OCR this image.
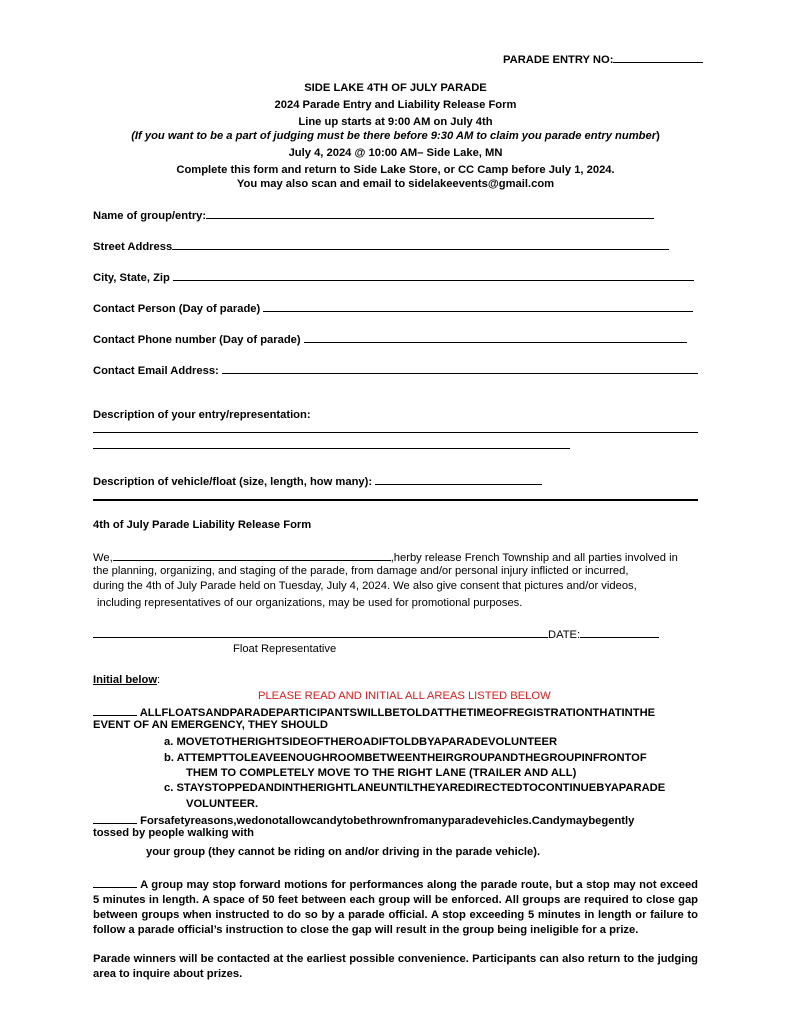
PARADE ENTRY NO:
SIDE LAKE 4TH OF JULY PARADE
2024 Parade Entry and Liability Release Form
Line up starts at 9:00 AM on July 4th
(If you want to be a part of judging must be there before 9:30 AM to claim you parade entry number)
July 4, 2024 @ 10:00 AM– Side Lake, MN
Complete this form and return to Side Lake Store, or CC Camp before July 1, 2024.
You may also scan and email to sidelakeevents@gmail.com
Name of group/entry:
Street Address
City, State, Zip
Contact Person (Day of parade)
Contact Phone number (Day of parade)
Contact Email Address:
Description of your entry/representation:
Description of vehicle/float (size, length, how many):
4th of July Parade Liability Release Form
We,	,herby release French Township and all parties involved in
the planning, organizing, and staging of the parade, from damage and/or personal injury inflicted or incurred,
during the 4th of July Parade held on Tuesday, July 4, 2024. We also give consent that pictures and/or videos,
including representatives of our organizations, may be used for promotional purposes.
DATE:
Float Representative
Initial below:
PLEASE READ AND INITIAL ALL AREAS LISTED BELOW
ALLFLOATSANDPARADEPARTICIPANTSWILLBETOLDATTHETIMEOFREGISTRATIONTHATINTHE
EVENT OF AN EMERGENCY, THEY SHOULD
a. MOVETOTHERIGHTSIDEOFTHEROADIFTOLDBYAPARADEVOLUNTEER
b. ATTEMPTTOLEAVEENOUGHROOMBETWEENTHEIRGROUPANDTHEGROUPINFRONTOF
THEM TO COMPLETELY MOVE TO THE RIGHT LANE (TRAILER AND ALL)
c. STAYSTOPPEDANDINTHERIGHTLANEUNTILTHEYAREDIRECTEDTOCONTINUEBYAPARADE
VOLUNTEER.
Forsafetyreasons,wedonotallowcandytobethrownfromanyparadevehicles.Candymaybegently
tossed by people walking with
your group (they cannot be riding on and/or driving in the parade vehicle).
A group may stop forward motions for performances along the parade route, but a stop may not exceed 5 minutes in length. A space of 50 feet between each group will be enforced. All groups are required to close gap between groups when instructed to do so by a parade official. A stop exceeding 5 minutes in length or failure to follow a parade official’s instruction to close the gap will result in the group being ineligible for a prize.
Parade winners will be contacted at the earliest possible convenience. Participants can also return to the judging area to inquire about prizes.
